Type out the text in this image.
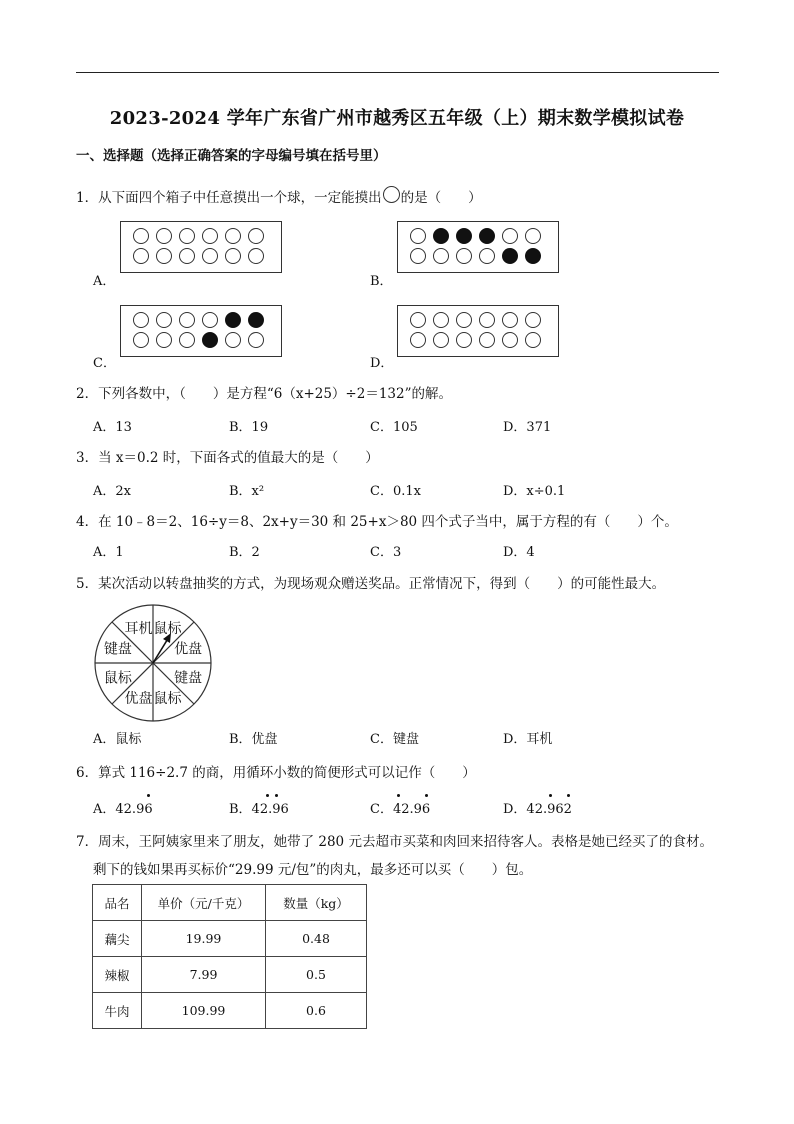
2023-2024 学年广东省广州市越秀区五年级（上）期末数学模拟试卷
一、选择题（选择正确答案的字母编号填在括号里）
1．从下面四个箱子中任意摸出一个球，一定能摸出 的是（　　）
A．	B．
C．	D．
2．下列各数中，（　　）是方程“6（x+25）÷2＝132”的解。
A．13	B．19	C．105	D．371
3．当 x＝0.2 时，下面各式的值最大的是（　　）
A．2x	B．x²	C．0.1x	D．x÷0.1
4．在 10﹣8＝2、16÷y＝8、2x+y＝30 和 25+x＞80 四个式子当中，属于方程的有（　　）个。
A．1	B．2	C．3	D．4
5．某次活动以转盘抽奖的方式，为现场观众赠送奖品。正常情况下，得到（　　）的可能性最大。
鼠标
优盘
键盘
鼠标
优盘
鼠标
键盘
耳机
A．鼠标	B．优盘	C．键盘	D．耳机
6．算式 116÷2.7 的商，用循环小数的简便形式可以记作（　　）
A．42.96	B．42.96	C．42.96	D．42.962
7．周末，王阿姨家里来了朋友，她带了 280 元去超市买菜和肉回来招待客人。表格是她已经买了的食材。
剩下的钱如果再买标价“29.99 元/包”的肉丸，最多还可以买（　　）包。
品名	单价（元/千克）	数量（kg）
藕尖	19.99	0.48
辣椒	7.99	0.5
牛肉	109.99	0.6
